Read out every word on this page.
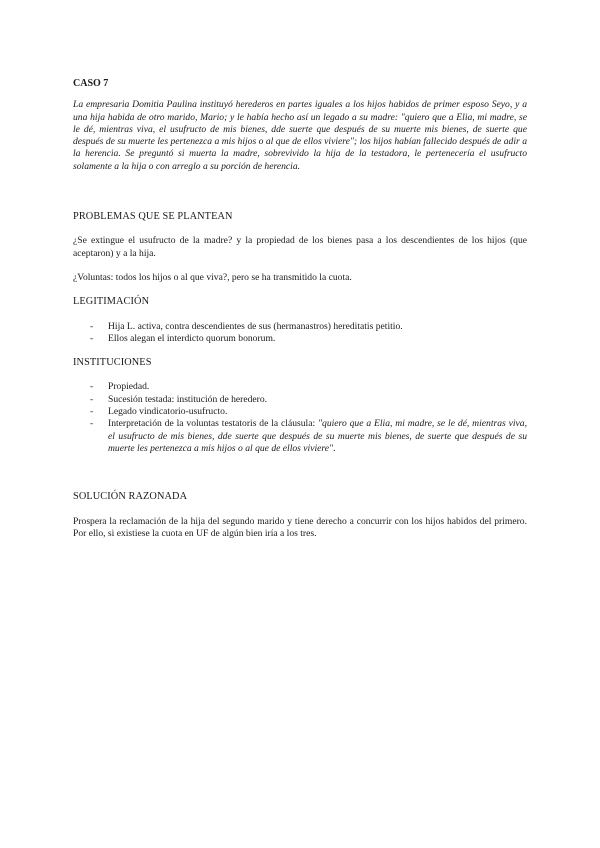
CASO 7

La empresaria Domitia Paulina instituyó herederos en partes iguales a los hijos habidos de primer esposo Seyo, y a una hija habida de otro marido, Mario; y le había hecho así un legado a su madre: "quiero que a Elia, mi madre, se le dé, mientras viva, el usufructo de mis bienes, dde suerte que después de su muerte mis bienes, de suerte que después de su muerte les pertenezca a mis hijos o al que de ellos viviere"; los hijos habían fallecido después de adir a la herencia. Se preguntó si muerta la madre, sobrevivido la hija de la testadora, le pertenecería el usufructo solamente a la hija o con arreglo a su porción de herencia.

PROBLEMAS QUE SE PLANTEAN

¿Se extingue el usufructo de la madre? y la propiedad de los bienes pasa a los descendientes de los hijos (que aceptaron) y a la hija.

¿Voluntas: todos los hijos o al que viva?, pero se ha transmitido la cuota.

LEGITIMACIÓN

- Hija L. activa, contra descendientes de sus (hermanastros) hereditatis petitio.
- Ellos alegan el interdicto quorum bonorum.

INSTITUCIONES

- Propiedad.
- Sucesión testada: institución de heredero.
- Legado vindicatorio-usufructo.
- Interpretación de la voluntas testatoris de la cláusula: "quiero que a Elia, mi madre, se le dé, mientras viva, el usufructo de mis bienes, dde suerte que después de su muerte mis bienes, de suerte que después de su muerte les pertenezca a mis hijos o al que de ellos viviere".

SOLUCIÓN RAZONADA

Prospera la reclamación de la hija del segundo marido y tiene derecho a concurrir con los hijos habidos del primero. Por ello, si existiese la cuota en UF de algún bien iría a los tres.
